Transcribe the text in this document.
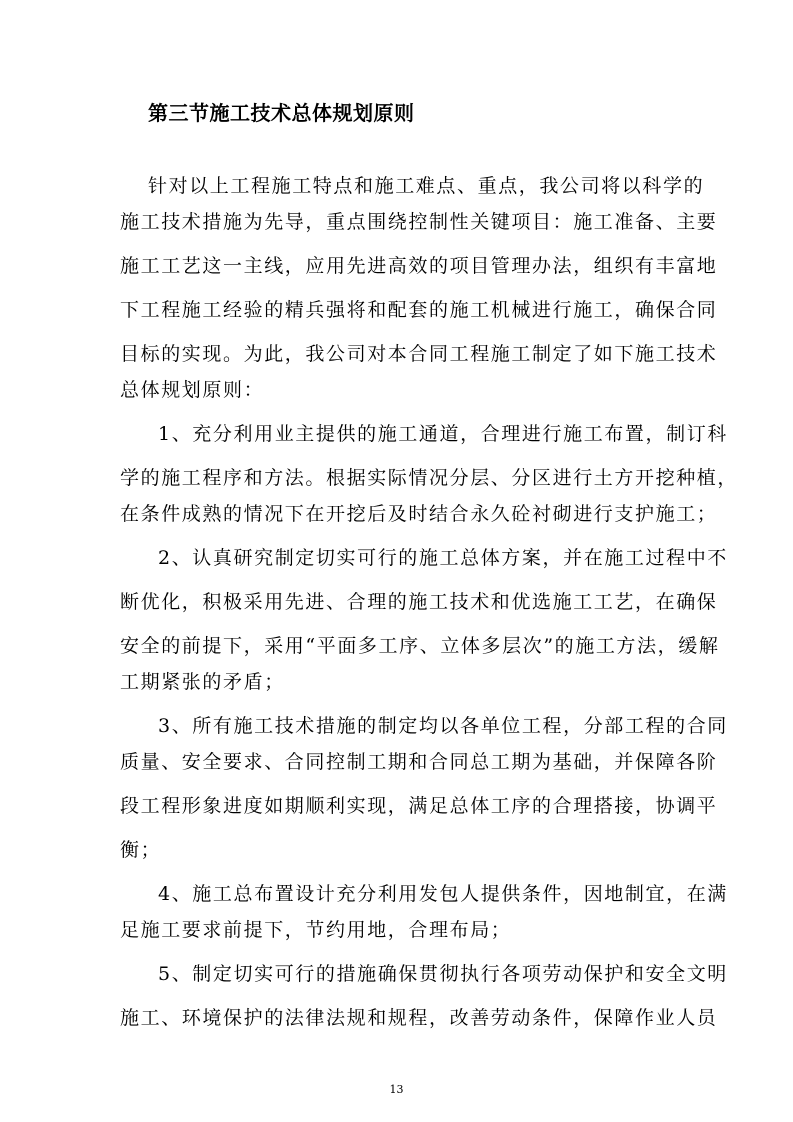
第三节施工技术总体规划原则

针对以上工程施工特点和施工难点、重点，我公司将以科学的

施工技术措施为先导，重点围绕控制性关键项目：施工准备、主要

施工工艺这一主线，应用先进高效的项目管理办法，组织有丰富地

下工程施工经验的精兵强将和配套的施工机械进行施工，确保合同

目标的实现。为此，我公司对本合同工程施工制定了如下施工技术

总体规划原则：

1、充分利用业主提供的施工通道，合理进行施工布置，制订科

学的施工程序和方法。根据实际情况分层、分区进行土方开挖种植，

在条件成熟的情况下在开挖后及时结合永久砼衬砌进行支护施工；

2、认真研究制定切实可行的施工总体方案，并在施工过程中不

断优化，积极采用先进、合理的施工技术和优选施工工艺，在确保

安全的前提下，采用“平面多工序、立体多层次”的施工方法，缓解

工期紧张的矛盾；

3、所有施工技术措施的制定均以各单位工程，分部工程的合同

质量、安全要求、合同控制工期和合同总工期为基础，并保障各阶

段工程形象进度如期顺利实现，满足总体工序的合理搭接，协调平

衡；

4、施工总布置设计充分利用发包人提供条件，因地制宜，在满

足施工要求前提下，节约用地，合理布局；

5、制定切实可行的措施确保贯彻执行各项劳动保护和安全文明

施工、环境保护的法律法规和规程，改善劳动条件，保障作业人员

13
